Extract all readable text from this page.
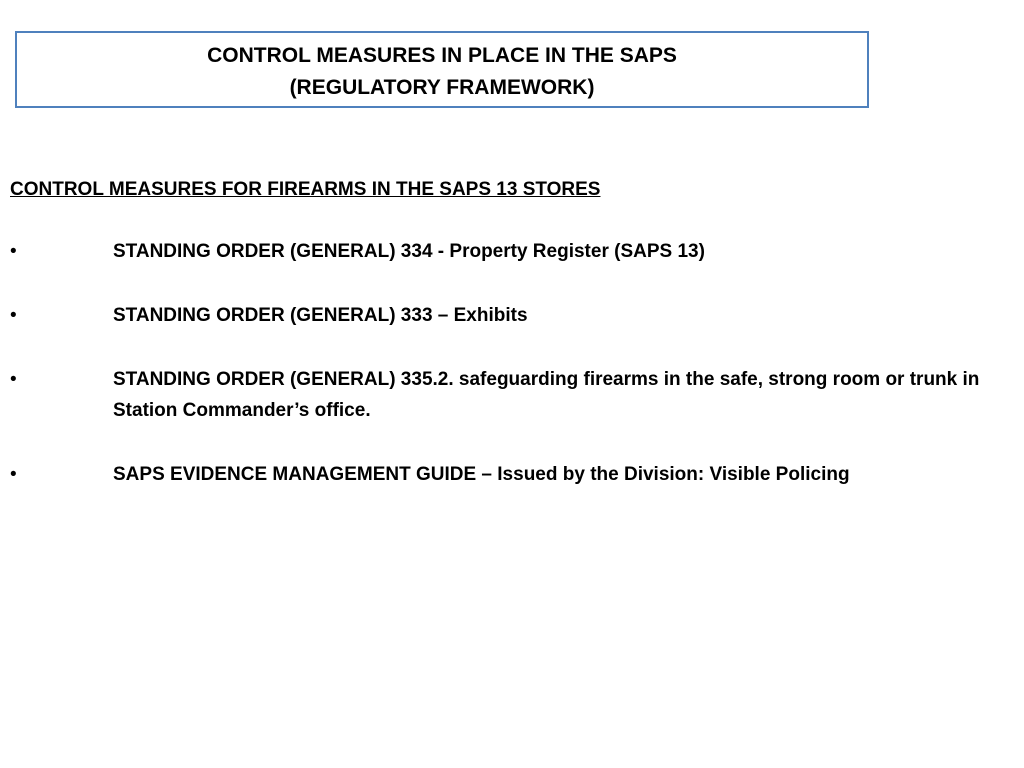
CONTROL MEASURES IN PLACE IN THE SAPS
(REGULATORY FRAMEWORK)
CONTROL MEASURES FOR FIREARMS IN THE SAPS 13 STORES
•	STANDING ORDER (GENERAL) 334 - Property Register (SAPS 13)
•	STANDING ORDER (GENERAL) 333 – Exhibits
•	STANDING ORDER (GENERAL) 335.2. safeguarding firearms in the safe, strong room or trunk in Station Commander’s office.
•	SAPS EVIDENCE MANAGEMENT GUIDE – Issued by the Division: Visible Policing
